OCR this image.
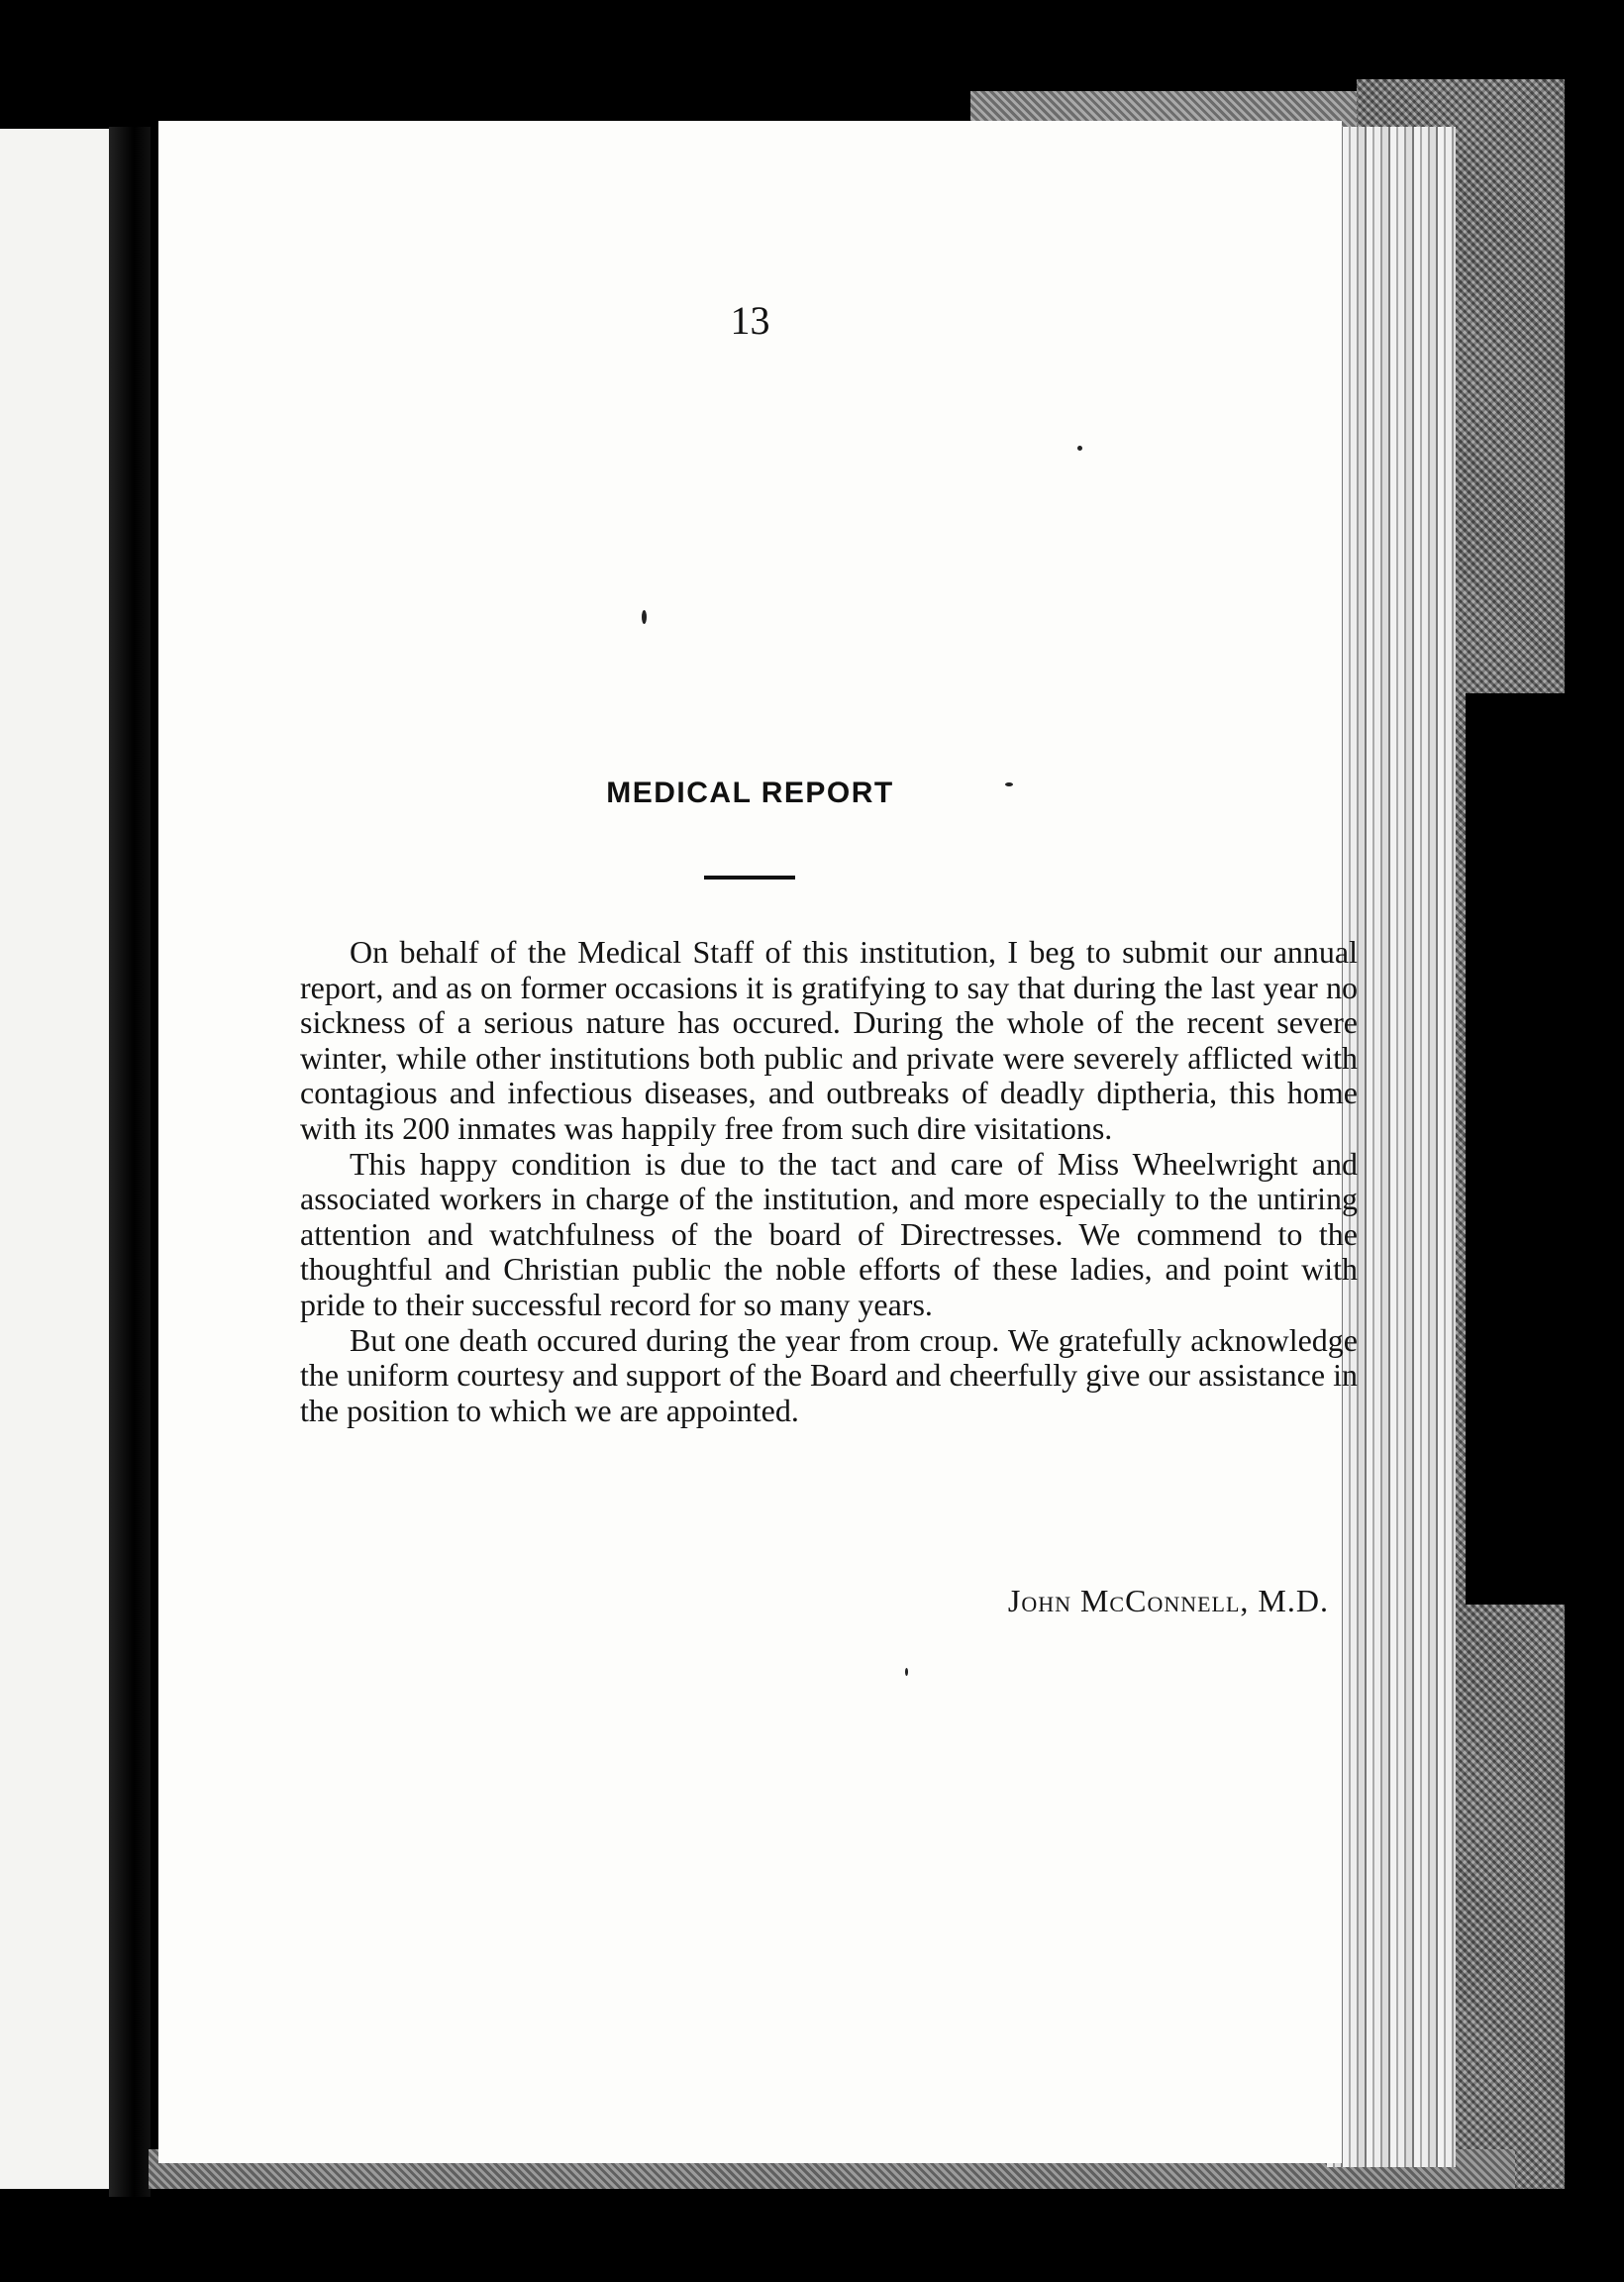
13
MEDICAL REPORT

On behalf of the Medical Staff of this institution, I beg to submit our annual report, and as on former occasions it is gratifying to say that during the last year no sickness of a serious nature has occured. During the whole of the recent severe winter, while other institutions both public and private were severely afflicted with contagious and infectious diseases, and outbreaks of deadly diptheria, this home with its 200 inmates was happily free from such dire visitations.

This happy condition is due to the tact and care of Miss Wheelwright and associated workers in charge of the institution, and more especially to the untiring attention and watchfulness of the board of Directresses. We commend to the thoughtful and Christian public the noble efforts of these ladies, and point with pride to their successful record for so many years.

But one death occured during the year from croup. We gratefully acknowledge the uniform courtesy and support of the Board and cheerfully give our assistance in the position to which we are appointed.

John McConnell, M.D.
